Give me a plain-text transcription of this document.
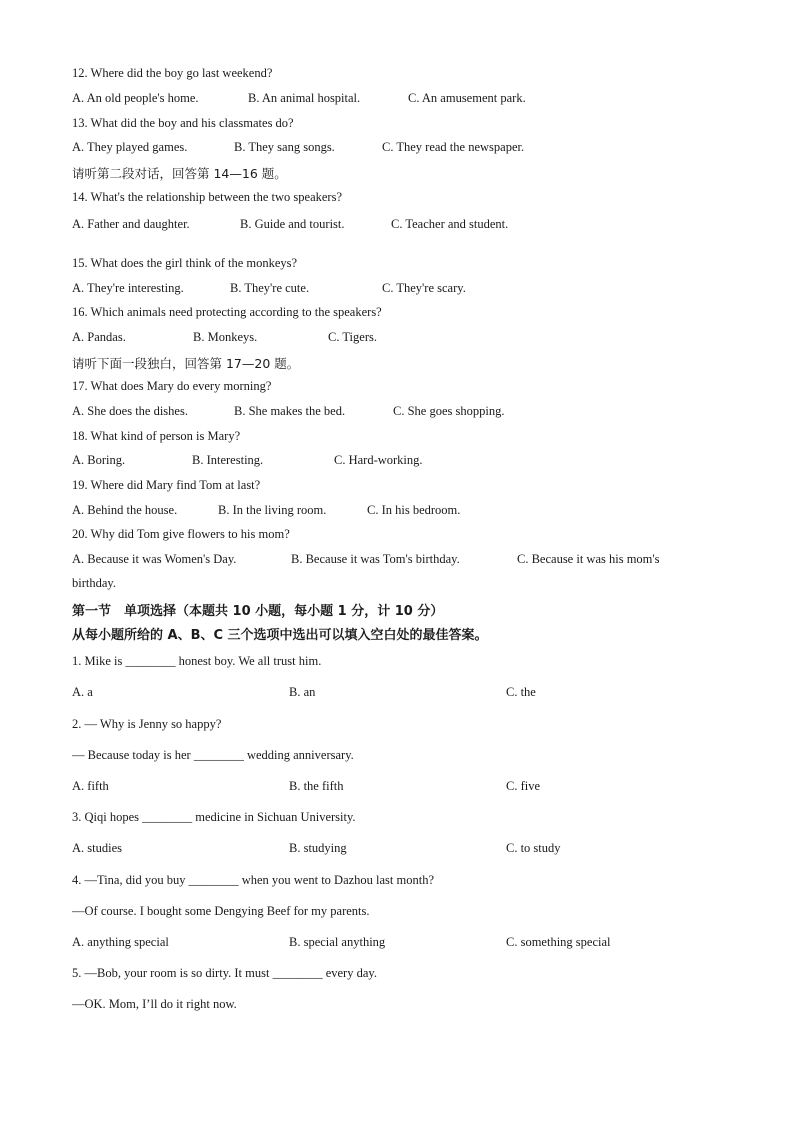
12. Where did the boy go last weekend?
A. An old people's home.	B. An animal hospital.	C. An amusement park.
13. What did the boy and his classmates do?
A. They played games.	B. They sang songs.	C. They read the newspaper.
请听第二段对话，回答第 14—16 题。
14. What's the relationship between the two speakers?
A. Father and daughter.	B. Guide and tourist.	C. Teacher and student.
15. What does the girl think of the monkeys?
A. They're interesting.	B. They're cute.	C. They're scary.
16. Which animals need protecting according to the speakers?
A. Pandas.	B. Monkeys.	C. Tigers.
请听下面一段独白，回答第 17—20 题。
17. What does Mary do every morning?
A. She does the dishes.	B. She makes the bed.	C. She goes shopping.
18. What kind of person is Mary?
A. Boring.	B. Interesting.	C. Hard-working.
19. Where did Mary find Tom at last?
A. Behind the house.	B. In the living room.	C. In his bedroom.
20. Why did Tom give flowers to his mom?
A. Because it was Women's Day.	B. Because it was Tom's birthday.	C. Because it was his mom's
birthday.
第一节　单项选择（本题共 10 小题，每小题 1 分，计 10 分）
从每小题所给的 A、B、C 三个选项中选出可以填入空白处的最佳答案。
1. Mike is ________ honest boy. We all trust him.
A. a	B. an	C. the
2. — Why is Jenny so happy?
— Because today is her ________ wedding anniversary.
A. fifth	B. the fifth	C. five
3. Qiqi hopes ________ medicine in Sichuan University.
A. studies	B. studying	C. to study
4. —Tina, did you buy ________ when you went to Dazhou last month?
—Of course. I bought some Dengying Beef for my parents.
A. anything special	B. special anything	C. something special
5. —Bob, your room is so dirty. It must ________ every day.
—OK. Mom, I’ll do it right now.
